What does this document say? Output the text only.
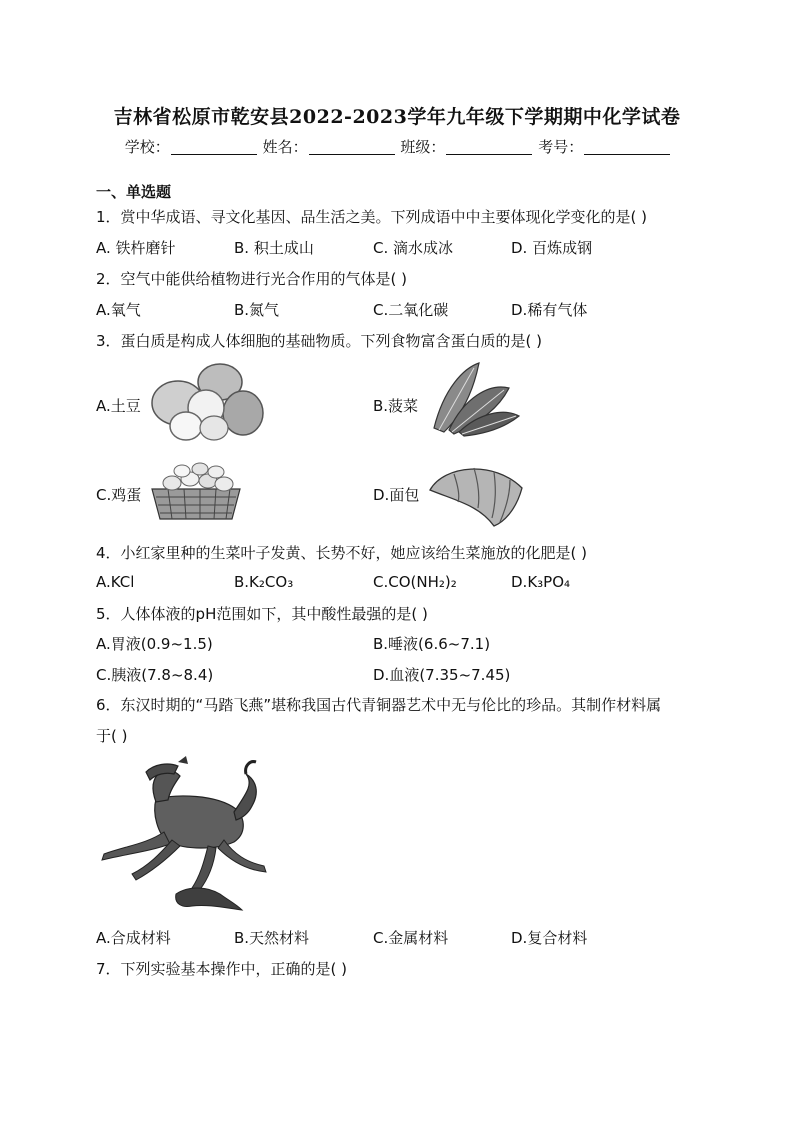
吉林省松原市乾安县2022-2023学年九年级下学期期中化学试卷
学校：	姓名：	班级：	考号：
一、单选题
1．赏中华成语、寻文化基因、品生活之美。下列成语中中主要体现化学变化的是( )
A. 铁杵磨针	B. 积土成山	C. 滴水成冰	D. 百炼成钢
2．空气中能供给植物进行光合作用的气体是( )
A.氧气	B.氮气	C.二氧化碳	D.稀有气体
3．蛋白质是构成人体细胞的基础物质。下列食物富含蛋白质的是( )
A.土豆	B.菠菜
C.鸡蛋	D.面包
4．小红家里种的生菜叶子发黄、长势不好，她应该给生菜施放的化肥是( )
A.KCl	B.K₂CO₃	C.CO(NH₂)₂	D.K₃PO₄
5．人体体液的pH范围如下，其中酸性最强的是( )
A.胃液(0.9~1.5)	B.唾液(6.6~7.1)
C.胰液(7.8~8.4)	D.血液(7.35~7.45)
6．东汉时期的“马踏飞燕”堪称我国古代青铜器艺术中无与伦比的珍品。其制作材料属
于( )
A.合成材料	B.天然材料	C.金属材料	D.复合材料
7．下列实验基本操作中，正确的是( )
